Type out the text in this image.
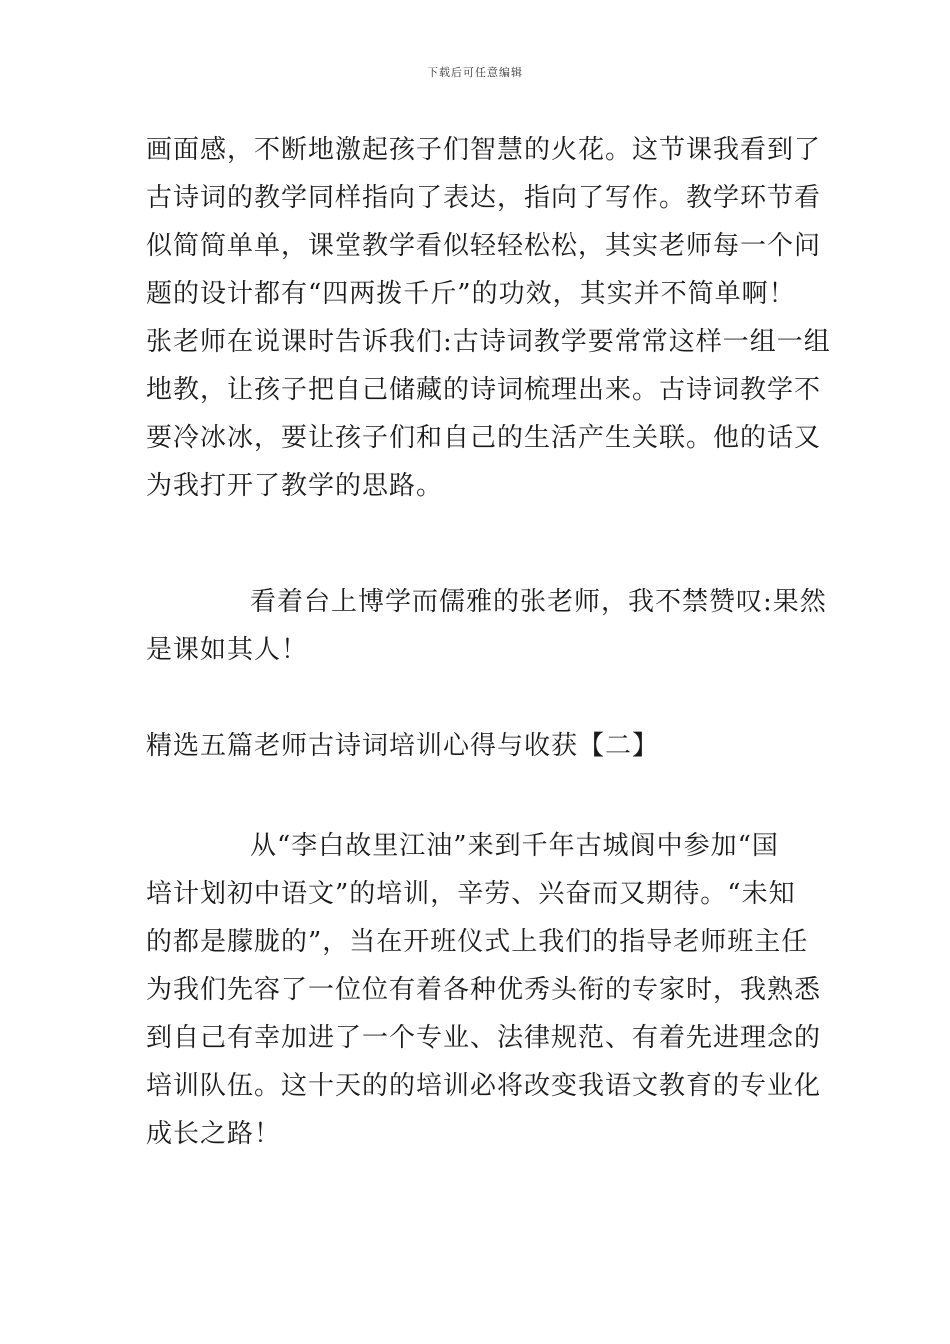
下载后可任意编辑
画面感，不断地激起孩子们智慧的火花。这节课我看到了
古诗词的教学同样指向了表达，指向了写作。教学环节看
似简简单单，课堂教学看似轻轻松松，其实老师每一个问
题的设计都有“四两拨千斤”的功效，其实并不简单啊！
张老师在说课时告诉我们:古诗词教学要常常这样一组一组
地教，让孩子把自己储藏的诗词梳理出来。古诗词教学不
要冷冰冰，要让孩子们和自己的生活产生关联。他的话又
为我打开了教学的思路。
看着台上博学而儒雅的张老师，我不禁赞叹:果然
是课如其人！
精选五篇老师古诗词培训心得与收获【二】
从“李白故里江油”来到千年古城阆中参加“国
培计划初中语文”的培训，辛劳、兴奋而又期待。“未知
的都是朦胧的”，当在开班仪式上我们的指导老师班主任
为我们先容了一位位有着各种优秀头衔的专家时，我熟悉
到自己有幸加进了一个专业、法律规范、有着先进理念的
培训队伍。这十天的的培训必将改变我语文教育的专业化
成长之路！
